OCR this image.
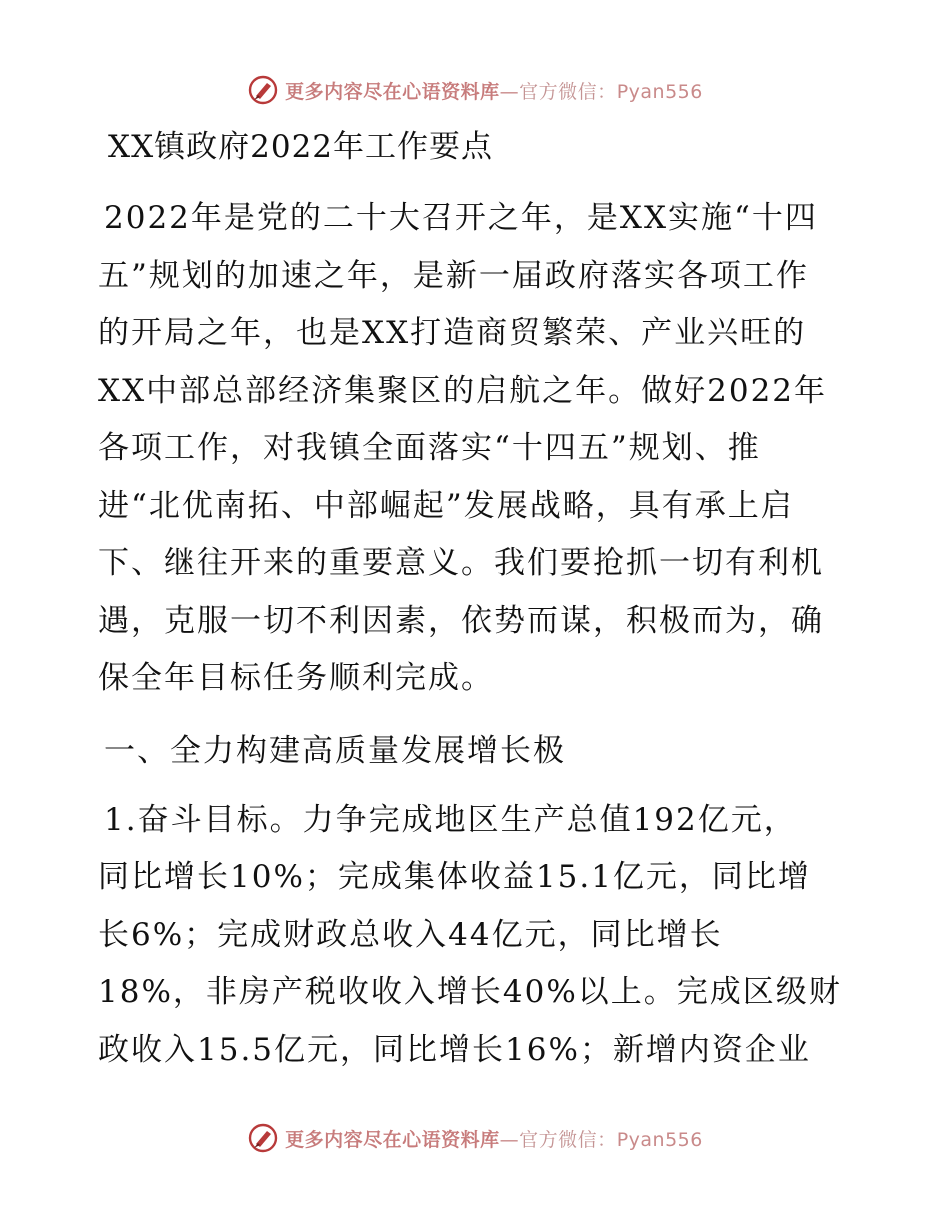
更多内容尽在心语资料库—官方微信：Pyan556
XX镇政府2022年工作要点

2022年是党的二十大召开之年，是XX实施“十四
五”规划的加速之年，是新一届政府落实各项工作
的开局之年，也是XX打造商贸繁荣、产业兴旺的
XX中部总部经济集聚区的启航之年。做好2022年
各项工作，对我镇全面落实“十四五”规划、推
进“北优南拓、中部崛起”发展战略，具有承上启
下、继往开来的重要意义。我们要抢抓一切有利机
遇，克服一切不利因素，依势而谋，积极而为，确
保全年目标任务顺利完成。

一、全力构建高质量发展增长极

1.奋斗目标。力争完成地区生产总值192亿元，
同比增长10%；完成集体收益15.1亿元，同比增
长6%；完成财政总收入44亿元，同比增长
18%，非房产税收收入增长40%以上。完成区级财
政收入15.5亿元，同比增长16%；新增内资企业

更多内容尽在心语资料库—官方微信：Pyan556
